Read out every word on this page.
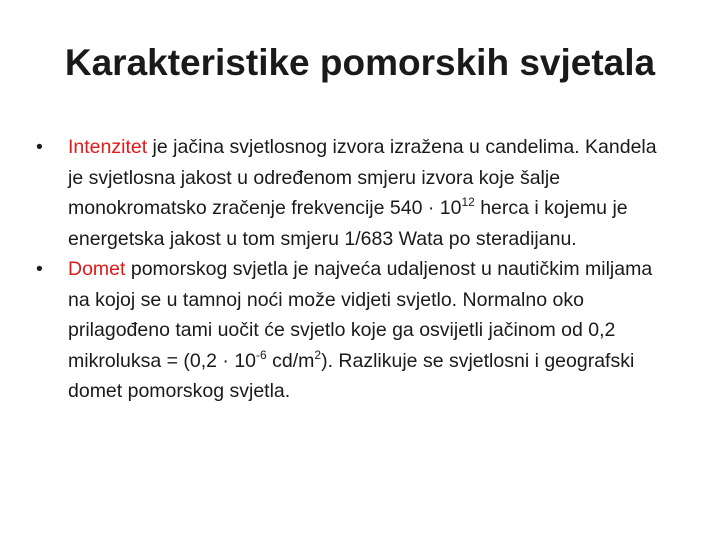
Karakteristike pomorskih svjetala
•	Intenzitet je jačina svjetlosnog izvora izražena u candelima. Kandela je svjetlosna jakost u određenom smjeru izvora koje šalje monokromatsko zračenje frekvencije $540 \cdot 10^{12}$ herca i kojemu je energetska jakost u tom smjeru 1/683 Wata po steradijanu.
•	Domet pomorskog svjetla je najveća udaljenost u nautičkim miljama na kojoj se u tamnoj noći može vidjeti svjetlo. Normalno oko prilagođeno tami uočit će svjetlo koje ga osvijetli jačinom od 0,2 mikroluksa = ($0,2 \cdot 10^{-6}$ $cd/m^2$). Razlikuje se svjetlosni i geografski domet pomorskog svjetla.
